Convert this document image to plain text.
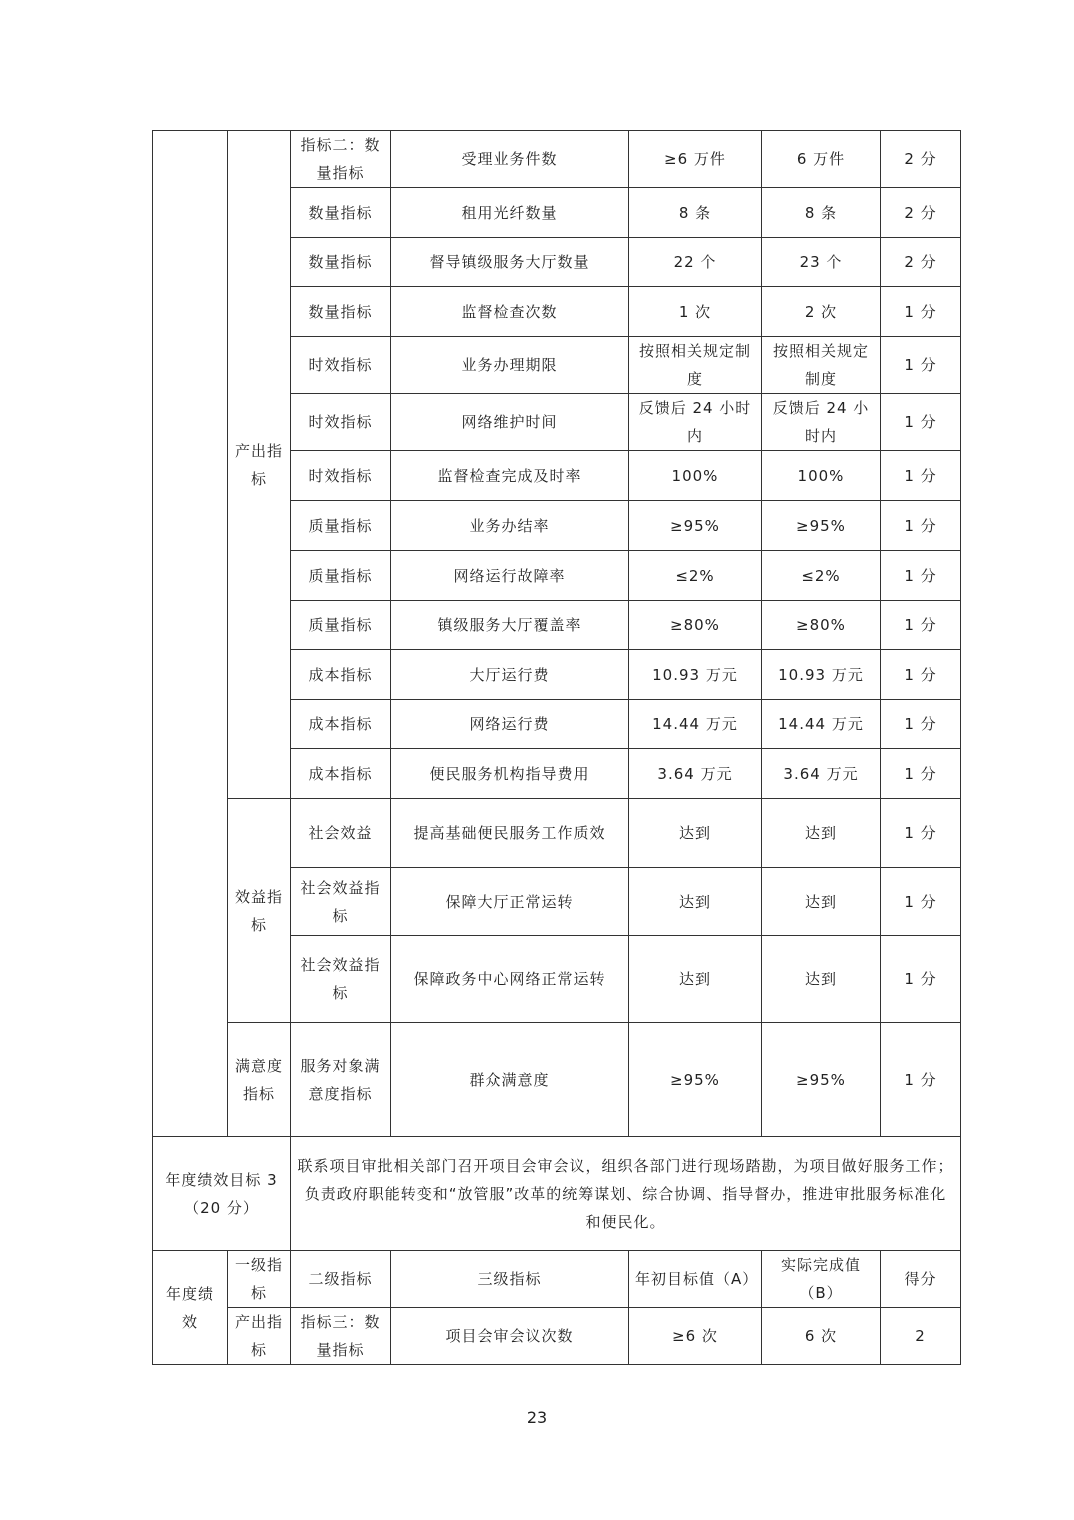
	产出指标	指标二：数量指标	受理业务件数	≥6 万件	6 万件	2 分
		数量指标	租用光纤数量	8 条	8 条	2 分
		数量指标	督导镇级服务大厅数量	22 个	23 个	2 分
		数量指标	监督检查次数	1 次	2 次	1 分
		时效指标	业务办理期限	按照相关规定制度	按照相关规定制度	1 分
		时效指标	网络维护时间	反馈后 24 小时内	反馈后 24 小时内	1 分
		时效指标	监督检查完成及时率	100%	100%	1 分
		质量指标	业务办结率	≥95%	≥95%	1 分
		质量指标	网络运行故障率	≤2%	≤2%	1 分
		质量指标	镇级服务大厅覆盖率	≥80%	≥80%	1 分
		成本指标	大厅运行费	10.93 万元	10.93 万元	1 分
		成本指标	网络运行费	14.44 万元	14.44 万元	1 分
		成本指标	便民服务机构指导费用	3.64 万元	3.64 万元	1 分
	效益指标	社会效益	提高基础便民服务工作质效	达到	达到	1 分
		社会效益指标	保障大厅正常运转	达到	达到	1 分
		社会效益指标	保障政务中心网络正常运转	达到	达到	1 分
	满意度指标	服务对象满意度指标	群众满意度	≥95%	≥95%	1 分
年度绩效目标 3（20 分）		联系项目审批相关部门召开项目会审会议，组织各部门进行现场踏勘，为项目做好服务工作；负责政府职能转变和“放管服”改革的统筹谋划、综合协调、指导督办，推进审批服务标准化和便民化。				
年度绩效	一级指标	二级指标	三级指标	年初目标值（A）	实际完成值（B）	得分
	产出指标	指标三：数量指标	项目会审会议次数	≥6 次	6 次	2
23
